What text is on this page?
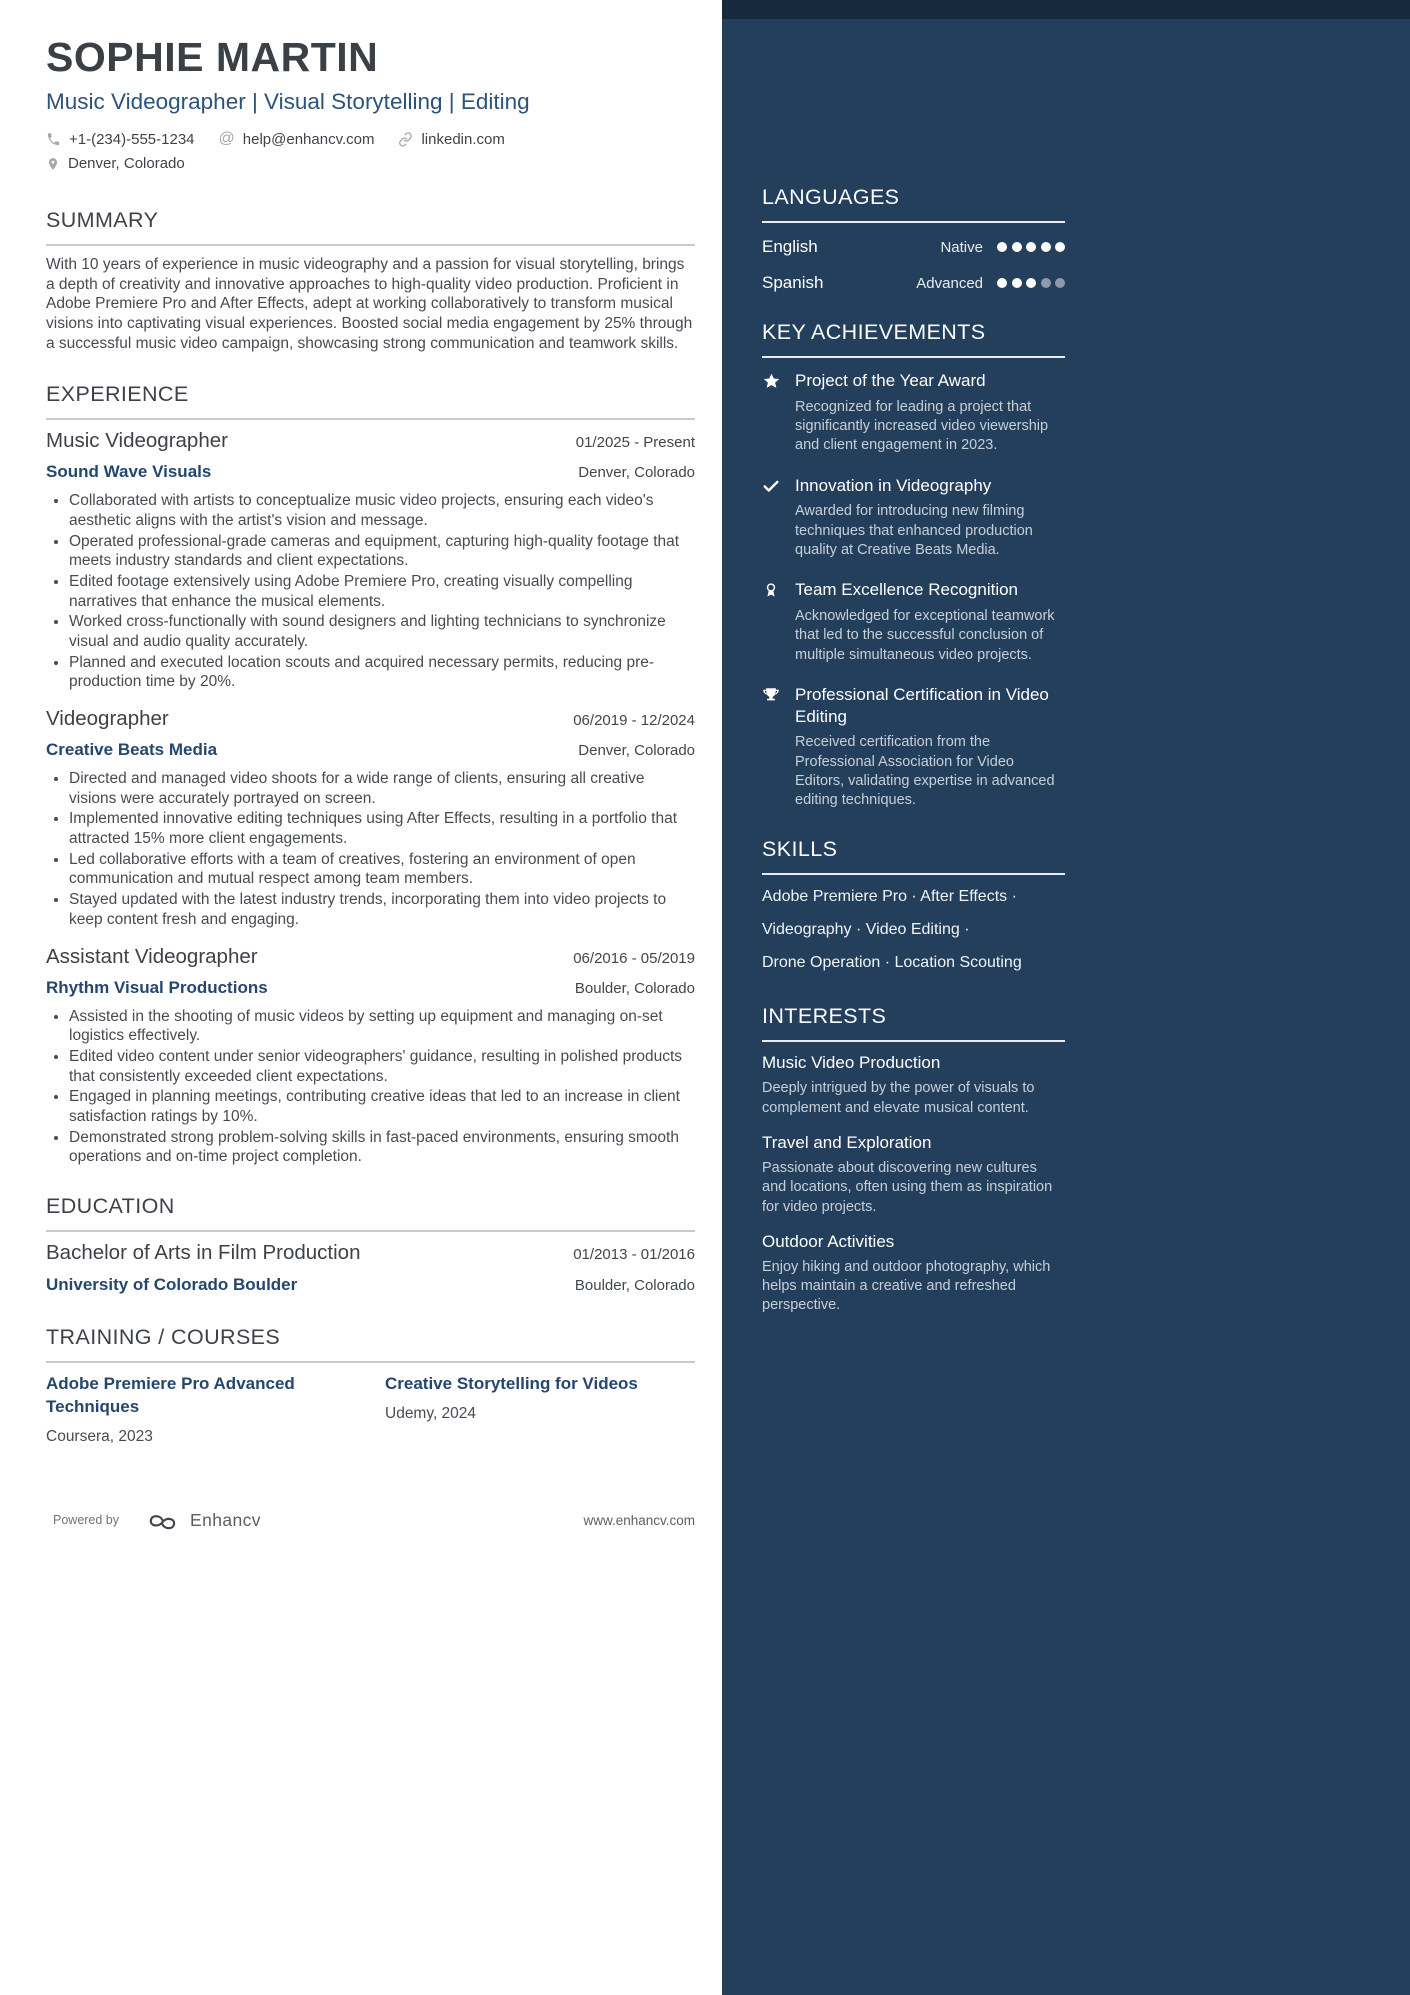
SOPHIE MARTIN
Music Videographer | Visual Storytelling | Editing
+1-(234)-555-1234 @ help@enhancv.com	linkedin.com
Denver, Colorado
SUMMARY
With 10 years of experience in music videography and a passion for visual storytelling, brings a depth of creativity and innovative approaches to high-quality video production. Proficient in Adobe Premiere Pro and After Effects, adept at working collaboratively to transform musical visions into captivating visual experiences. Boosted social media engagement by 25% through a successful music video campaign, showcasing strong communication and teamwork skills.
EXPERIENCE
Music Videographer	01/2025 - Present
Sound Wave Visuals	Denver, Colorado
• Collaborated with artists to conceptualize music video projects, ensuring each video's aesthetic aligns with the artist's vision and message.
• Operated professional-grade cameras and equipment, capturing high-quality footage that meets industry standards and client expectations.
• Edited footage extensively using Adobe Premiere Pro, creating visually compelling narratives that enhance the musical elements.
• Worked cross-functionally with sound designers and lighting technicians to synchronize visual and audio quality accurately.
• Planned and executed location scouts and acquired necessary permits, reducing pre-production time by 20%.
Videographer	06/2019 - 12/2024
Creative Beats Media	Denver, Colorado
• Directed and managed video shoots for a wide range of clients, ensuring all creative visions were accurately portrayed on screen.
• Implemented innovative editing techniques using After Effects, resulting in a portfolio that attracted 15% more client engagements.
• Led collaborative efforts with a team of creatives, fostering an environment of open communication and mutual respect among team members.
• Stayed updated with the latest industry trends, incorporating them into video projects to keep content fresh and engaging.
Assistant Videographer	06/2016 - 05/2019
Rhythm Visual Productions	Boulder, Colorado
• Assisted in the shooting of music videos by setting up equipment and managing on-set logistics effectively.
• Edited video content under senior videographers' guidance, resulting in polished products that consistently exceeded client expectations.
• Engaged in planning meetings, contributing creative ideas that led to an increase in client satisfaction ratings by 10%.
• Demonstrated strong problem-solving skills in fast-paced environments, ensuring smooth operations and on-time project completion.
EDUCATION
Bachelor of Arts in Film Production	01/2013 - 01/2016
University of Colorado Boulder	Boulder, Colorado
TRAINING / COURSES
Adobe Premiere Pro Advanced Techniques
Coursera, 2023
Creative Storytelling for Videos
Udemy, 2024
Powered by	Enhancv	www.enhancv.com
LANGUAGES
English	Native
Spanish	Advanced
KEY ACHIEVEMENTS
Project of the Year Award
Recognized for leading a project that significantly increased video viewership and client engagement in 2023.
Innovation in Videography
Awarded for introducing new filming techniques that enhanced production quality at Creative Beats Media.
Team Excellence Recognition
Acknowledged for exceptional teamwork that led to the successful conclusion of multiple simultaneous video projects.
Professional Certification in Video Editing
Received certification from the Professional Association for Video Editors, validating expertise in advanced editing techniques.
SKILLS
Adobe Premiere Pro · After Effects ·
Videography · Video Editing ·
Drone Operation · Location Scouting
INTERESTS
Music Video Production
Deeply intrigued by the power of visuals to complement and elevate musical content.
Travel and Exploration
Passionate about discovering new cultures and locations, often using them as inspiration for video projects.
Outdoor Activities
Enjoy hiking and outdoor photography, which helps maintain a creative and refreshed perspective.
